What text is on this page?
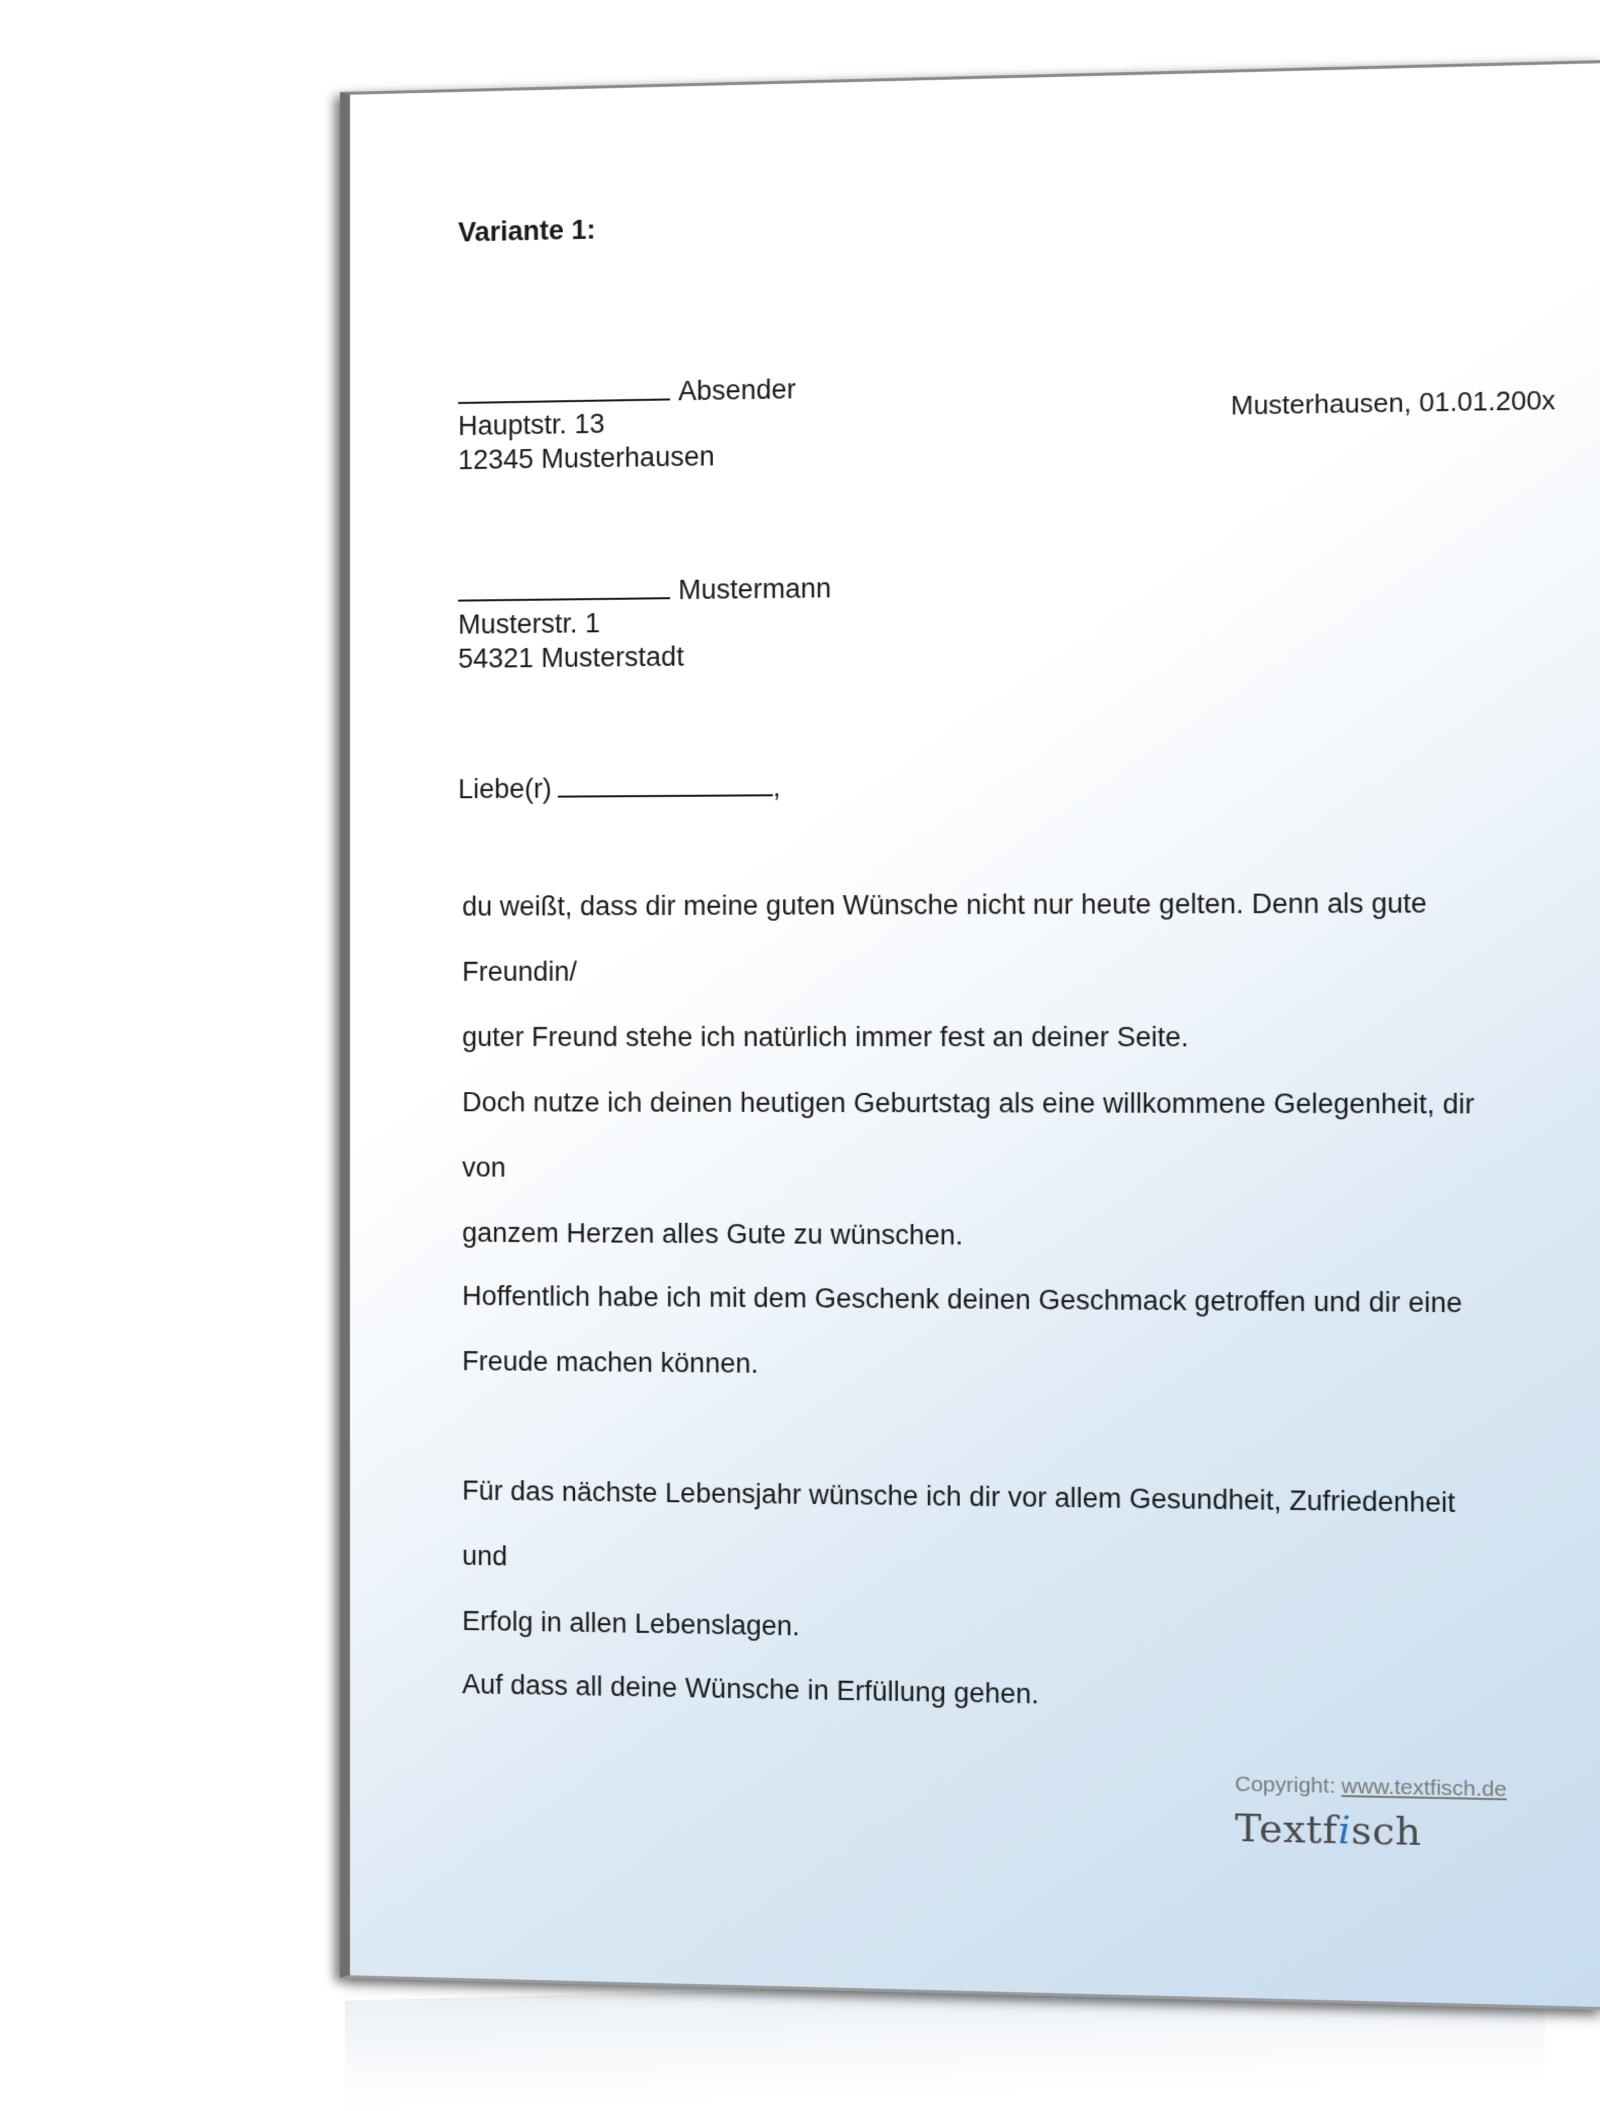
Variante 1:
Absender
Hauptstr. 13
12345 Musterhausen
Musterhausen, 01.01.200x
Mustermann
Musterstr. 1
54321 Musterstadt
Liebe(r)	,
du weißt, dass dir meine guten Wünsche nicht nur heute gelten. Denn als gute Freundin/
guter Freund stehe ich natürlich immer fest an deiner Seite.
Doch nutze ich deinen heutigen Geburtstag als eine willkommene Gelegenheit, dir von
ganzem Herzen alles Gute zu wünschen.
Hoffentlich habe ich mit dem Geschenk deinen Geschmack getroffen und dir eine
Freude machen können.
Für das nächste Lebensjahr wünsche ich dir vor allem Gesundheit, Zufriedenheit und
Erfolg in allen Lebenslagen.
Auf dass all deine Wünsche in Erfüllung gehen.
Copyright: www.textfisch.de
Textfisch
